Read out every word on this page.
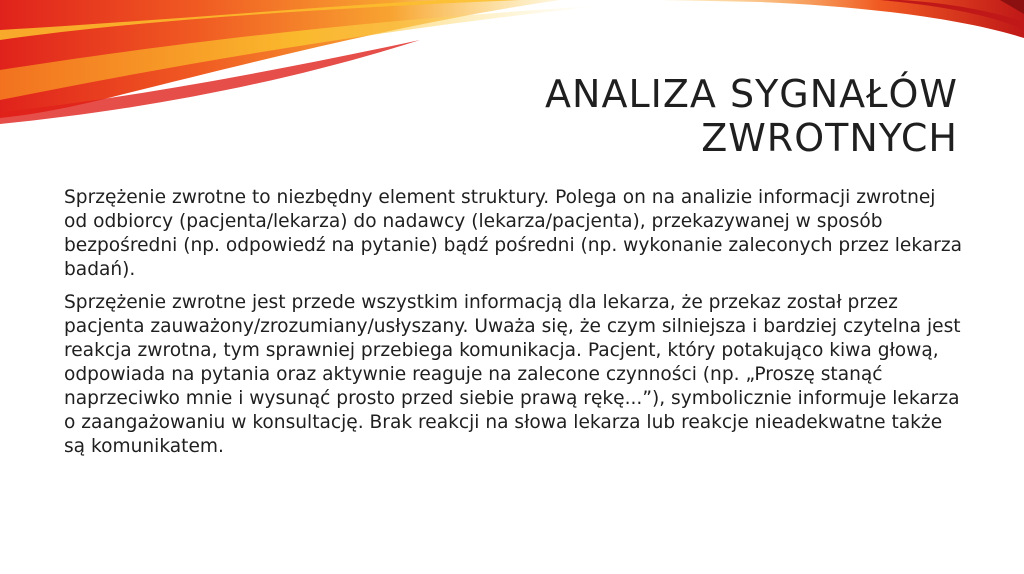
ANALIZA SYGNAŁÓW
ZWROTNYCH

Sprzężenie zwrotne to niezbędny element struktury. Polega on na analizie informacji zwrotnej od odbiorcy (pacjenta/lekarza) do nadawcy (lekarza/pacjenta), przekazywanej w sposób bezpośredni (np. odpowiedź na pytanie) bądź pośredni (np. wykonanie zaleconych przez lekarza badań).

Sprzężenie zwrotne jest przede wszystkim informacją dla lekarza, że przekaz został przez pacjenta zauważony/zrozumiany/usłyszany. Uważa się, że czym silniejsza i bardziej czytelna jest reakcja zwrotna, tym sprawniej przebiega komunikacja. Pacjent, który potakująco kiwa głową, odpowiada na pytania oraz aktywnie reaguje na zalecone czynności (np. „Proszę stanąć naprzeciwko mnie i wysunąć prosto przed siebie prawą rękę...”), symbolicznie informuje lekarza o zaangażowaniu w konsultację. Brak reakcji na słowa lekarza lub reakcje nieadekwatne także są komunikatem.
